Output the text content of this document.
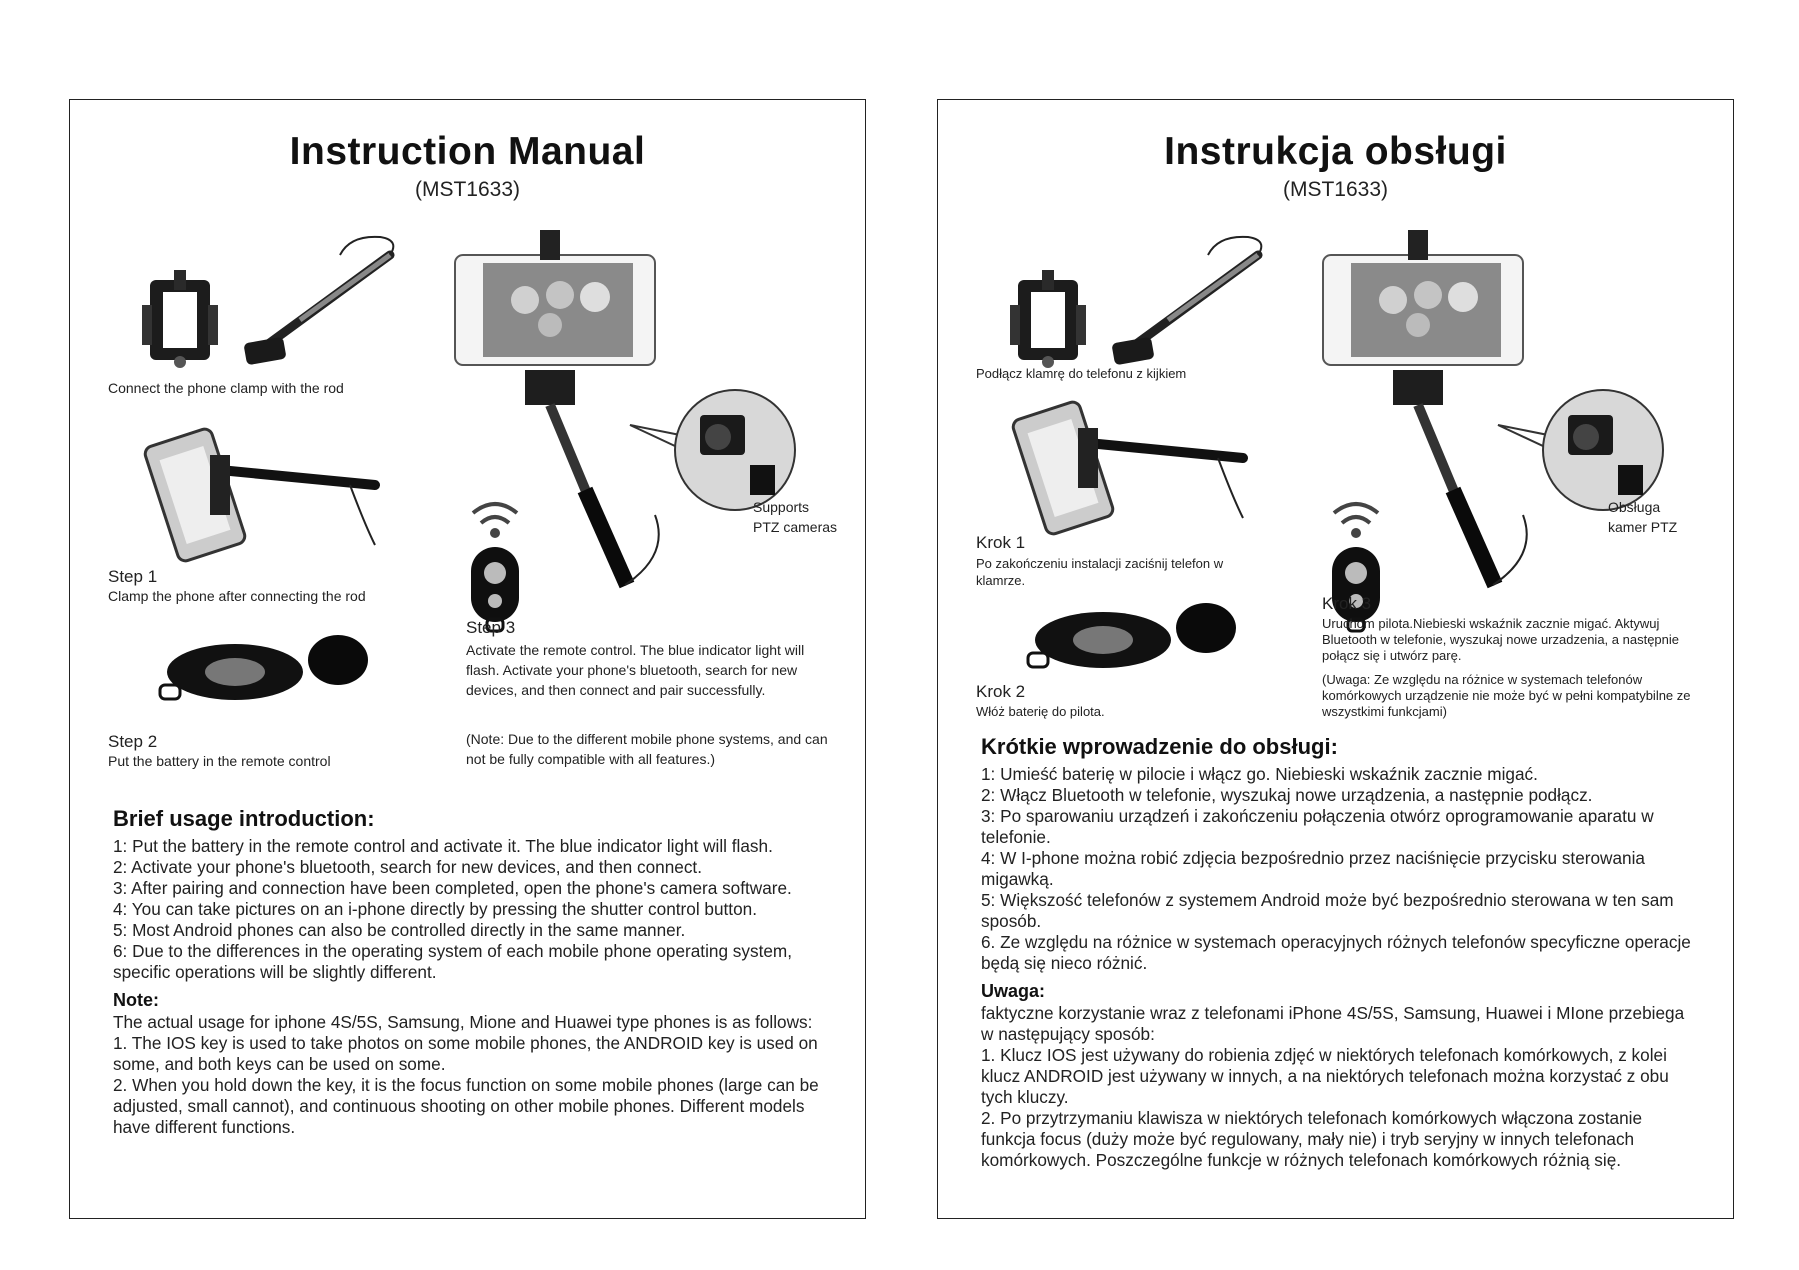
Instruction Manual
(MST1633)
Connect the phone clamp with the rod
Step 1
Clamp the phone after connecting the rod
Step 2
Put the battery in the remote control
Supports
PTZ cameras
Step 3
Activate the remote control. The blue indicator light will flash. Activate your phone's bluetooth, search for new devices, and then connect and pair successfully.
(Note: Due to the different mobile phone systems, and can not be fully compatible with all features.)
Brief usage introduction:
1: Put the battery in the remote control and activate it. The blue indicator light will flash.
2: Activate your phone's bluetooth, search for new devices, and then connect.
3: After pairing and connection have been completed, open the phone's camera software.
4: You can take pictures on an i-phone directly by pressing the shutter control button.
5: Most Android phones can also be controlled directly in the same manner.
6: Due to the differences in the operating system of each mobile phone operating system, specific operations will be slightly different.
Note:
The actual usage for iphone 4S/5S, Samsung, Mione and Huawei type phones is as follows:
1. The IOS key is used to take photos on some mobile phones, the ANDROID key is used on some, and both keys can be used on some.
2. When you hold down the key, it is the focus function on some mobile phones (large can be adjusted, small cannot), and continuous shooting on other mobile phones. Different models have different functions.
Instrukcja obsługi
(MST1633)
Podłącz klamrę do telefonu z kijkiem
Krok 1
Po zakończeniu instalacji zaciśnij telefon w klamrze.
Krok 2
Włóż baterię do pilota.
Obsługa
kamer PTZ
Krok 3
Uruchom pilota.Niebieski wskaźnik zacznie migać. Aktywuj Bluetooth w telefonie, wyszukaj nowe urzadzenia, a następnie połącz się i utwórz parę.
(Uwaga: Ze względu na różnice w systemach telefonów komórkowych urządzenie nie może być w pełni kompatybilne ze wszystkimi funkcjami)
Krótkie wprowadzenie do obsługi:
1: Umieść baterię w pilocie i włącz go. Niebieski wskaźnik zacznie migać.
2: Włącz Bluetooth w telefonie, wyszukaj nowe urządzenia, a następnie podłącz.
3: Po sparowaniu urządzeń i zakończeniu połączenia otwórz oprogramowanie aparatu w telefonie.
4: W I-phone można robić zdjęcia bezpośrednio przez naciśnięcie przycisku sterowania migawką.
5: Większość telefonów z systemem Android może być bezpośrednio sterowana w ten sam sposób.
6. Ze względu na różnice w systemach operacyjnych różnych telefonów specyficzne operacje będą się nieco różnić.
Uwaga:
faktyczne korzystanie wraz z telefonami iPhone 4S/5S, Samsung, Huawei i MIone przebiega w następujący sposób:
1. Klucz IOS jest używany do robienia zdjęć w niektórych telefonach komórkowych, z kolei klucz ANDROID jest używany w innych, a na niektórych telefonach można korzystać z obu tych kluczy.
2. Po przytrzymaniu klawisza w niektórych telefonach komórkowych włączona zostanie funkcja focus (duży może być regulowany, mały nie) i tryb seryjny w innych telefonach komórkowych. Poszczególne funkcje w różnych telefonach komórkowych różnią się.
